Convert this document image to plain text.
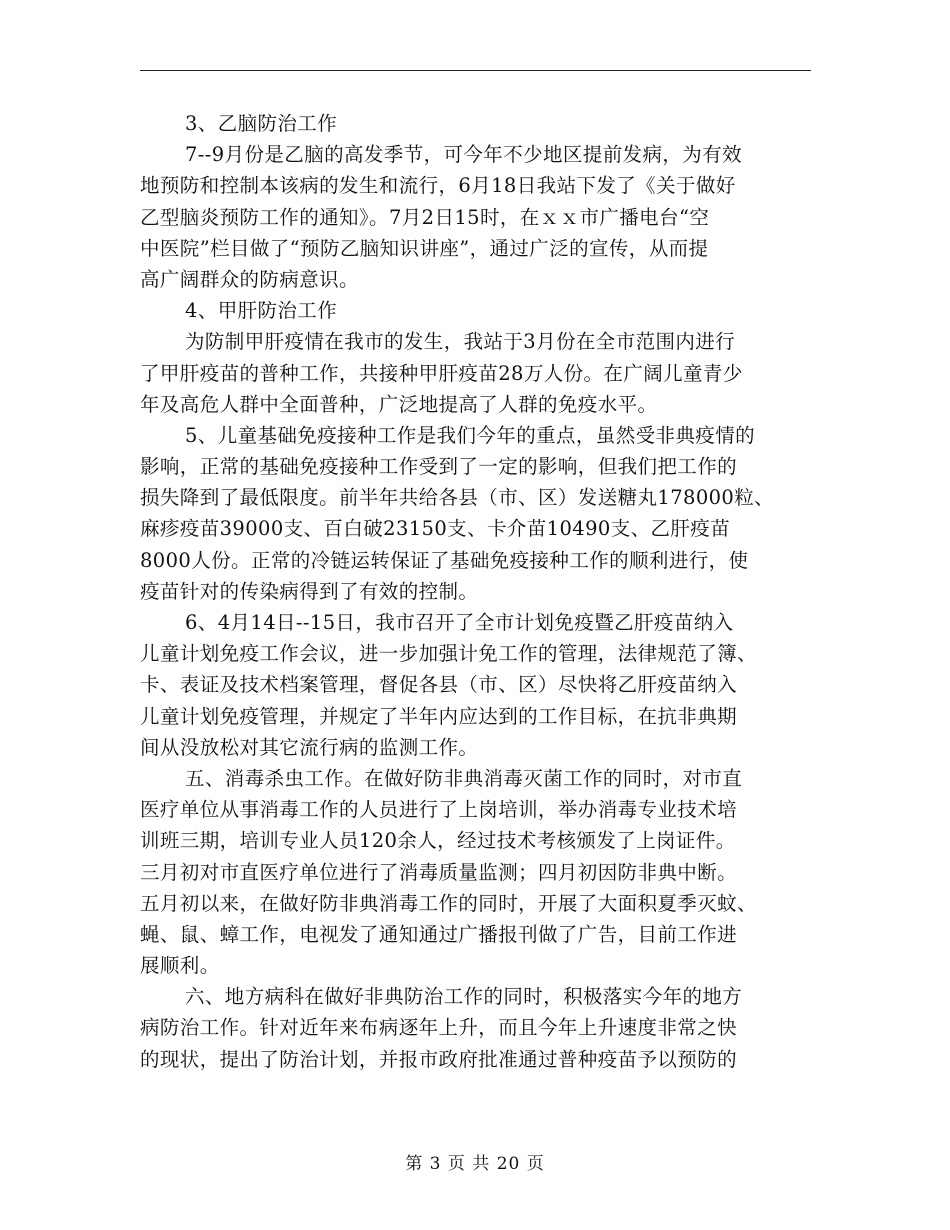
3、乙脑防治工作
7--9月份是乙脑的高发季节，可今年不少地区提前发病，为有效
地预防和控制本该病的发生和流行，6月18日我站下发了《关于做好
乙型脑炎预防工作的通知》。7月2日15时，在ｘｘ市广播电台“空
中医院”栏目做了“预防乙脑知识讲座”，通过广泛的宣传，从而提
高广阔群众的防病意识。
4、甲肝防治工作
为防制甲肝疫情在我市的发生，我站于3月份在全市范围内进行
了甲肝疫苗的普种工作，共接种甲肝疫苗28万人份。在广阔儿童青少
年及高危人群中全面普种，广泛地提高了人群的免疫水平。
5、儿童基础免疫接种工作是我们今年的重点，虽然受非典疫情的
影响，正常的基础免疫接种工作受到了一定的影响，但我们把工作的
损失降到了最低限度。前半年共给各县（市、区）发送糖丸178000粒、
麻疹疫苗39000支、百白破23150支、卡介苗10490支、乙肝疫苗
8000人份。正常的冷链运转保证了基础免疫接种工作的顺利进行，使
疫苗针对的传染病得到了有效的控制。
6、4月14日--15日，我市召开了全市计划免疫暨乙肝疫苗纳入
儿童计划免疫工作会议，进一步加强计免工作的管理，法律规范了簿、
卡、表证及技术档案管理，督促各县（市、区）尽快将乙肝疫苗纳入
儿童计划免疫管理，并规定了半年内应达到的工作目标，在抗非典期
间从没放松对其它流行病的监测工作。
五、消毒杀虫工作。在做好防非典消毒灭菌工作的同时，对市直
医疗单位从事消毒工作的人员进行了上岗培训，举办消毒专业技术培
训班三期，培训专业人员120余人，经过技术考核颁发了上岗证件。
三月初对市直医疗单位进行了消毒质量监测；四月初因防非典中断。
五月初以来，在做好防非典消毒工作的同时，开展了大面积夏季灭蚊、
蝇、鼠、蟑工作，电视发了通知通过广播报刊做了广告，目前工作进
展顺利。
六、地方病科在做好非典防治工作的同时，积极落实今年的地方
病防治工作。针对近年来布病逐年上升，而且今年上升速度非常之快
的现状，提出了防治计划，并报市政府批准通过普种疫苗予以预防的
第 3 页 共 20 页
